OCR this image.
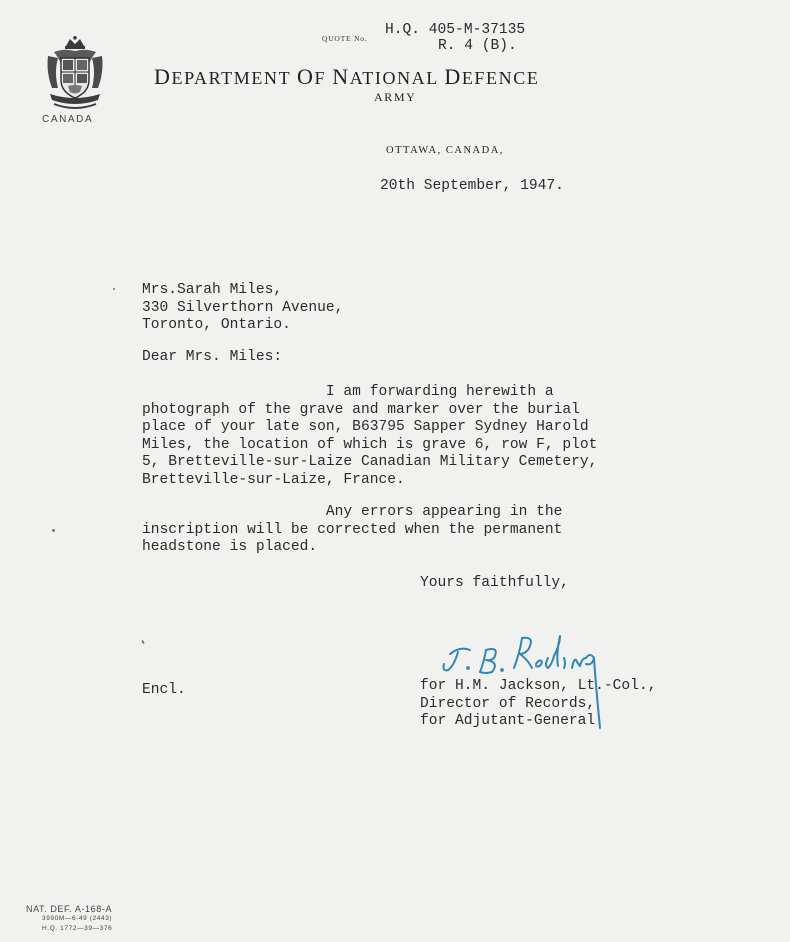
CANADA
QUOTE No.
H.Q. 405-M-37135
R. 4 (B).
DEPARTMENT OF NATIONAL DEFENCE
ARMY
OTTAWA, CANADA,
20th September, 1947.
Mrs.Sarah Miles,
330 Silverthorn Avenue,
Toronto, Ontario.
Dear Mrs. Miles:
I am forwarding herewith a
photograph of the grave and marker over the burial
place of your late son, B63795 Sapper Sydney Harold
Miles, the location of which is grave 6, row F, plot
5, Bretteville-sur-Laize Canadian Military Cemetery,
Bretteville-sur-Laize, France.
Any errors appearing in the
inscription will be corrected when the permanent
headstone is placed.
Yours faithfully,
Encl.	for H.M. Jackson, Lt.-Col.,
Director of Records,
for Adjutant-General.
NAT. DEF. A-168-A
3990M—6-49 (2443)
H.Q. 1772—39—376
